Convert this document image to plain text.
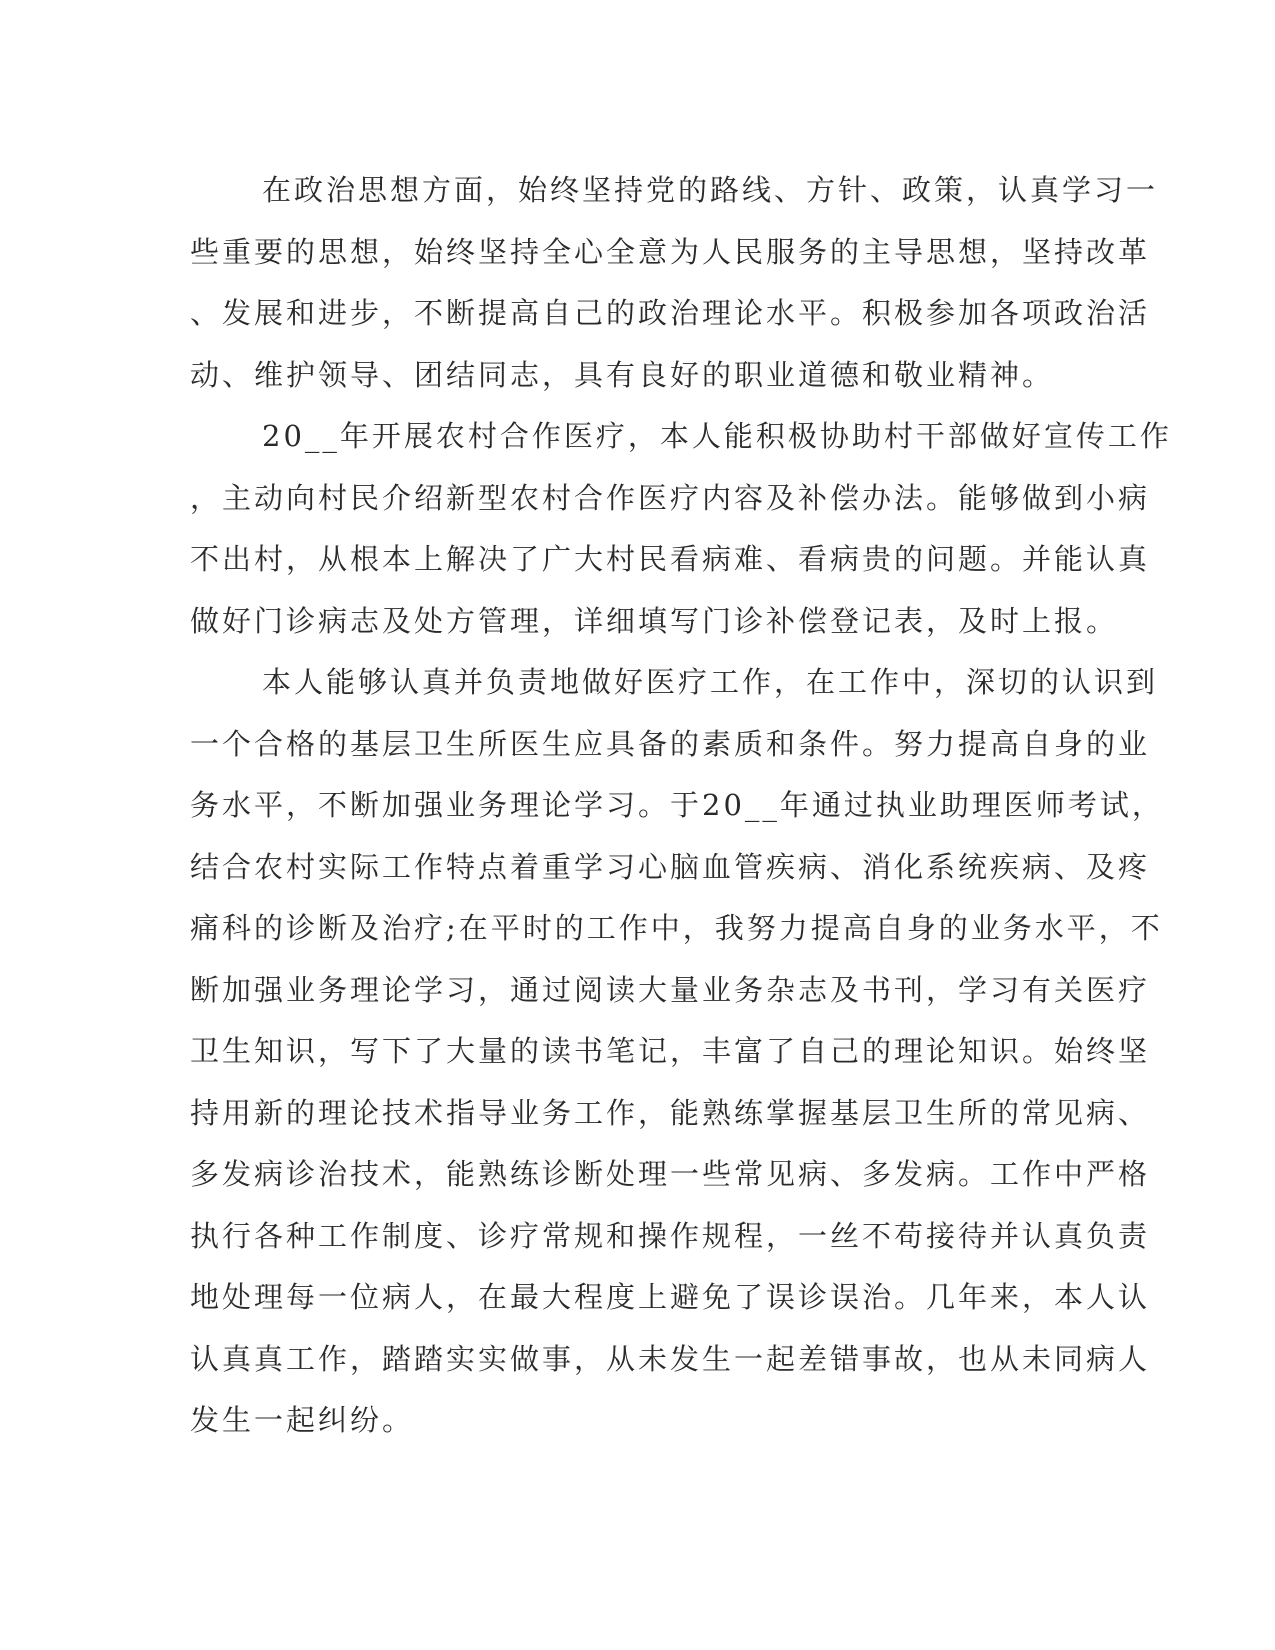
在政治思想方面，始终坚持党的路线、方针、政策，认真学习一
些重要的思想，始终坚持全心全意为人民服务的主导思想，坚持改革
、发展和进步，不断提高自己的政治理论水平。积极参加各项政治活
动、维护领导、团结同志，具有良好的职业道德和敬业精神。
20__年开展农村合作医疗，本人能积极协助村干部做好宣传工作
，主动向村民介绍新型农村合作医疗内容及补偿办法。能够做到小病
不出村，从根本上解决了广大村民看病难、看病贵的问题。并能认真
做好门诊病志及处方管理，详细填写门诊补偿登记表，及时上报。
本人能够认真并负责地做好医疗工作，在工作中，深切的认识到
一个合格的基层卫生所医生应具备的素质和条件。努力提高自身的业
务水平，不断加强业务理论学习。于20__年通过执业助理医师考试，
结合农村实际工作特点着重学习心脑血管疾病、消化系统疾病、及疼
痛科的诊断及治疗;在平时的工作中，我努力提高自身的业务水平，不
断加强业务理论学习，通过阅读大量业务杂志及书刊，学习有关医疗
卫生知识，写下了大量的读书笔记，丰富了自己的理论知识。始终坚
持用新的理论技术指导业务工作，能熟练掌握基层卫生所的常见病、
多发病诊治技术，能熟练诊断处理一些常见病、多发病。工作中严格
执行各种工作制度、诊疗常规和操作规程，一丝不苟接待并认真负责
地处理每一位病人，在最大程度上避免了误诊误治。几年来，本人认
认真真工作，踏踏实实做事，从未发生一起差错事故，也从未同病人
发生一起纠纷。
